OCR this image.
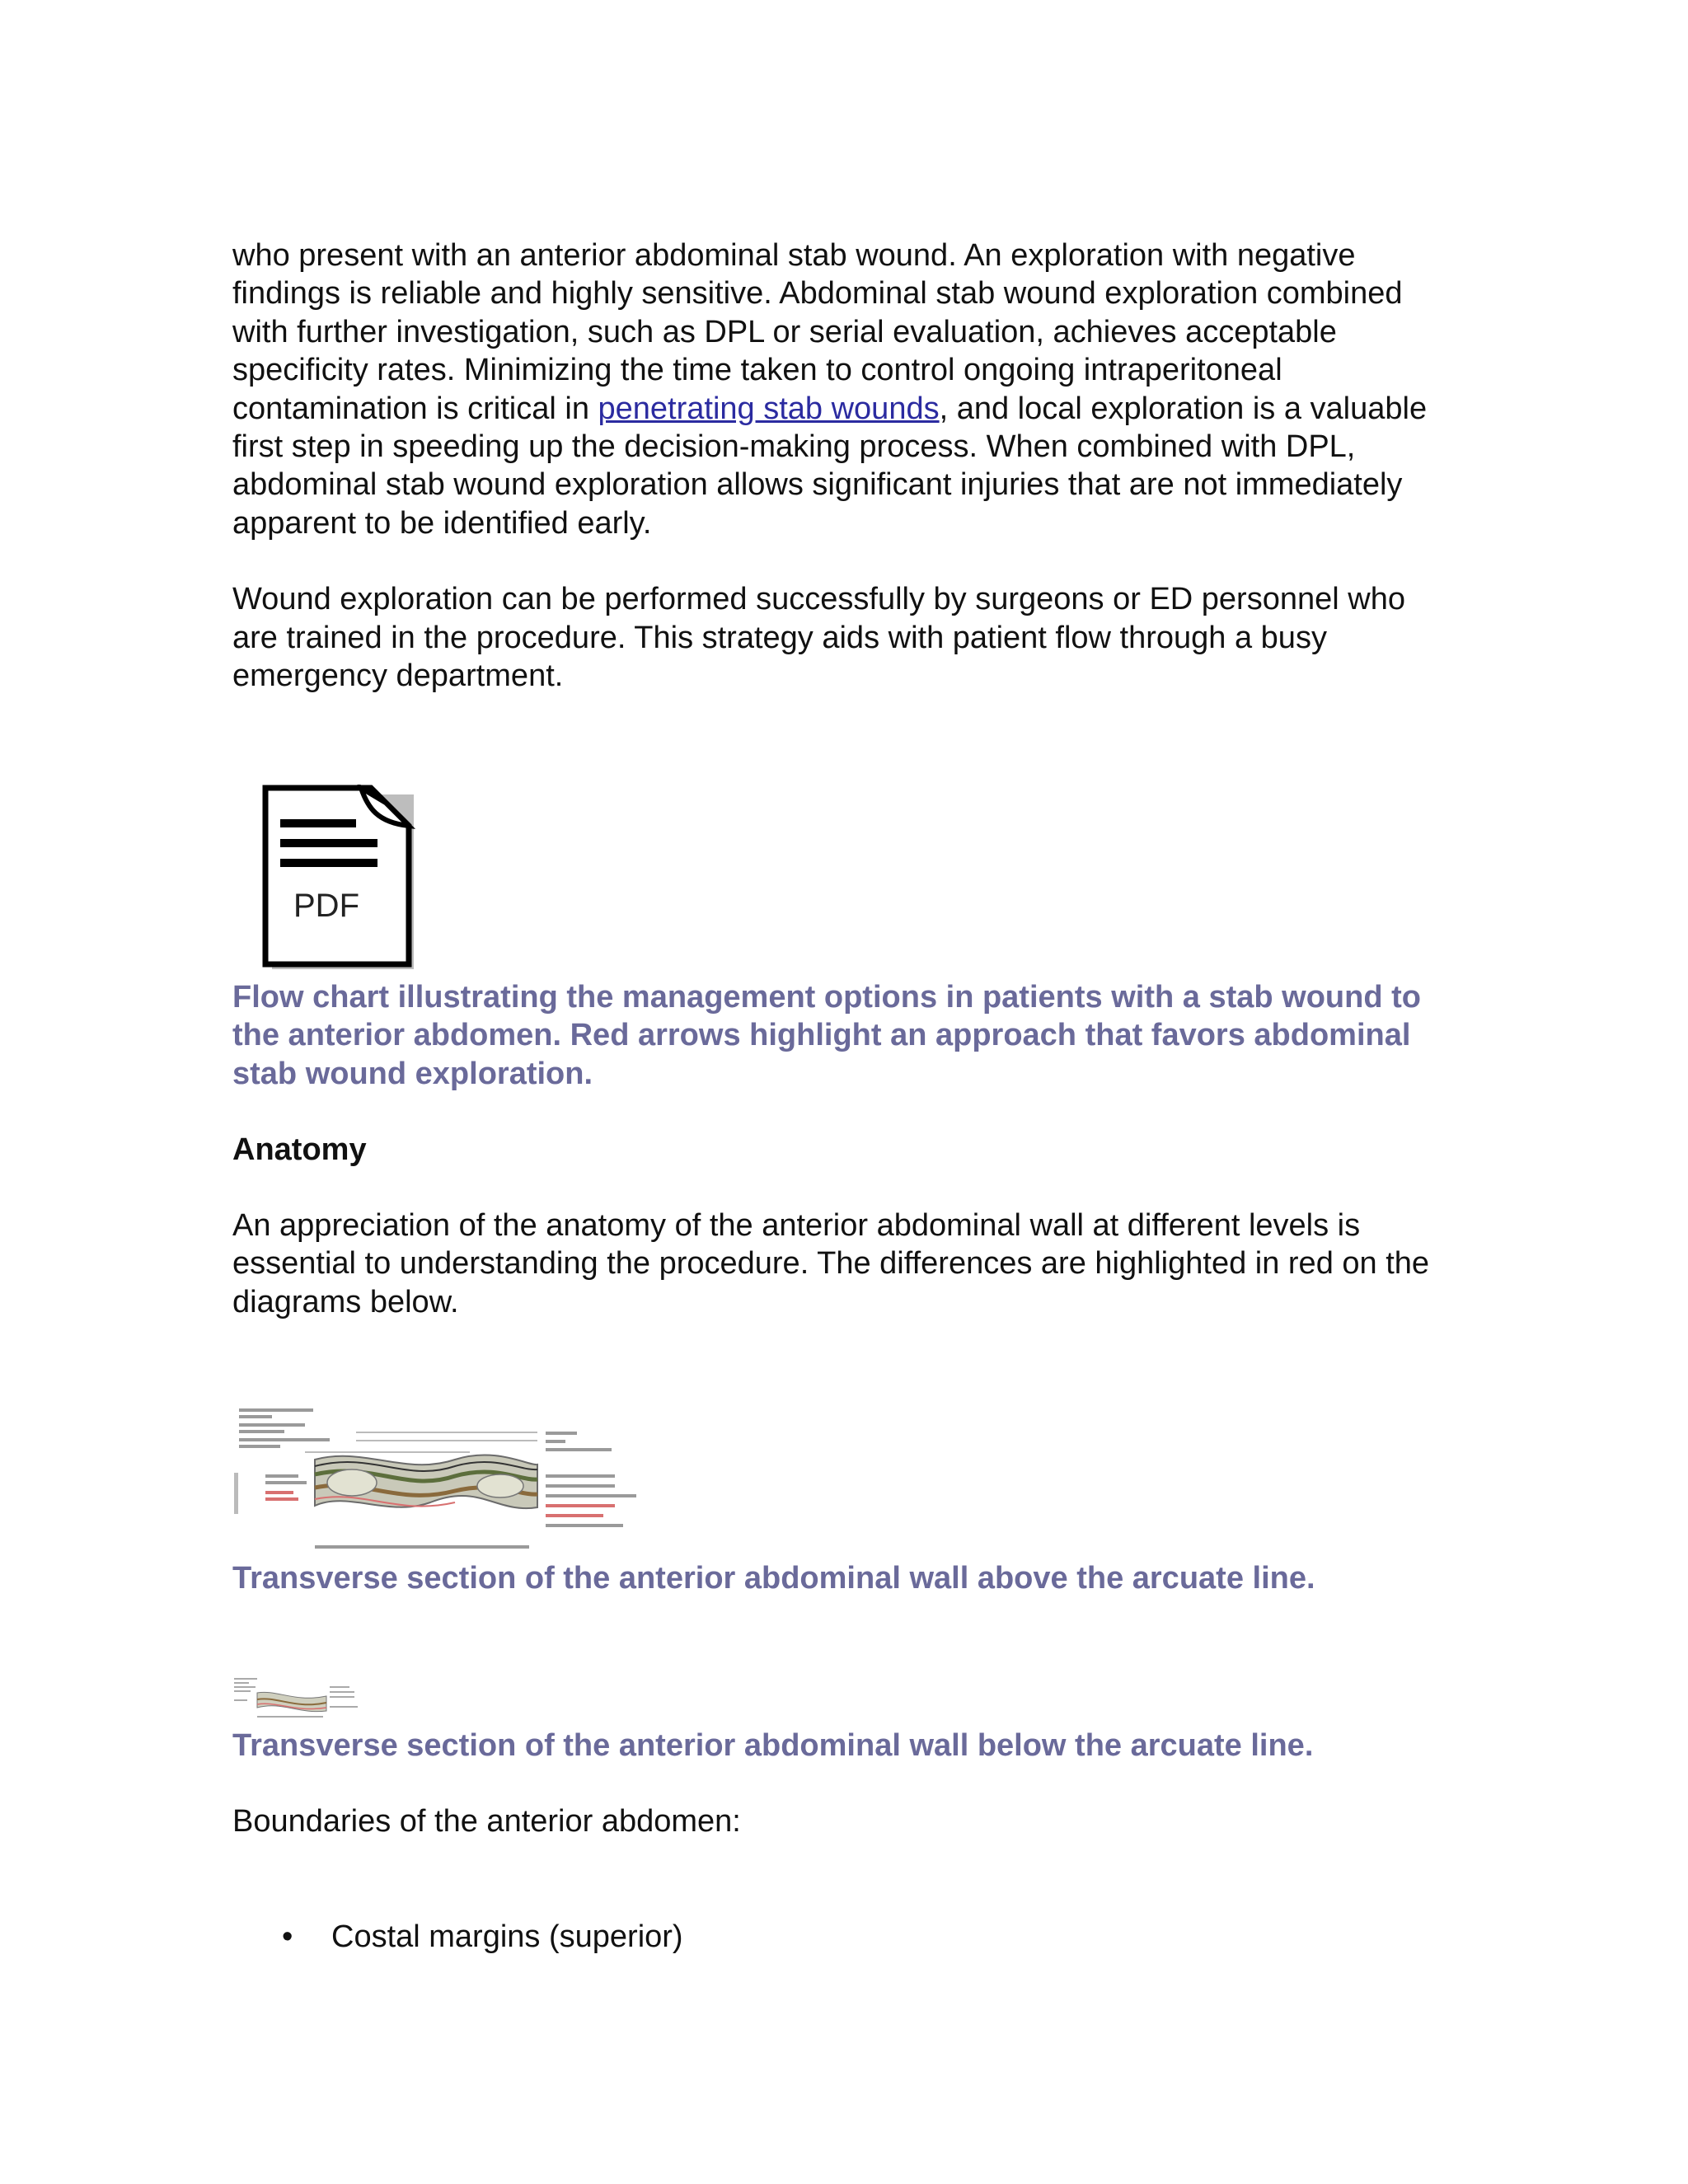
who present with an anterior abdominal stab wound. An exploration with negative findings is reliable and highly sensitive. Abdominal stab wound exploration combined with further investigation, such as DPL or serial evaluation, achieves acceptable specificity rates. Minimizing the time taken to control ongoing intraperitoneal contamination is critical in penetrating stab wounds, and local exploration is a valuable first step in speeding up the decision-making process. When combined with DPL, abdominal stab wound exploration allows significant injuries that are not immediately apparent to be identified early.

Wound exploration can be performed successfully by surgeons or ED personnel who are trained in the procedure. This strategy aids with patient flow through a busy emergency department.

PDF

Flow chart illustrating the management options in patients with a stab wound to the anterior abdomen. Red arrows highlight an approach that favors abdominal stab wound exploration.

Anatomy

An appreciation of the anatomy of the anterior abdominal wall at different levels is essential to understanding the procedure. The differences are highlighted in red on the diagrams below.

Transverse section of the anterior abdominal wall above the arcuate line.

Transverse section of the anterior abdominal wall below the arcuate line.

Boundaries of the anterior abdomen:

• Costal margins (superior)
